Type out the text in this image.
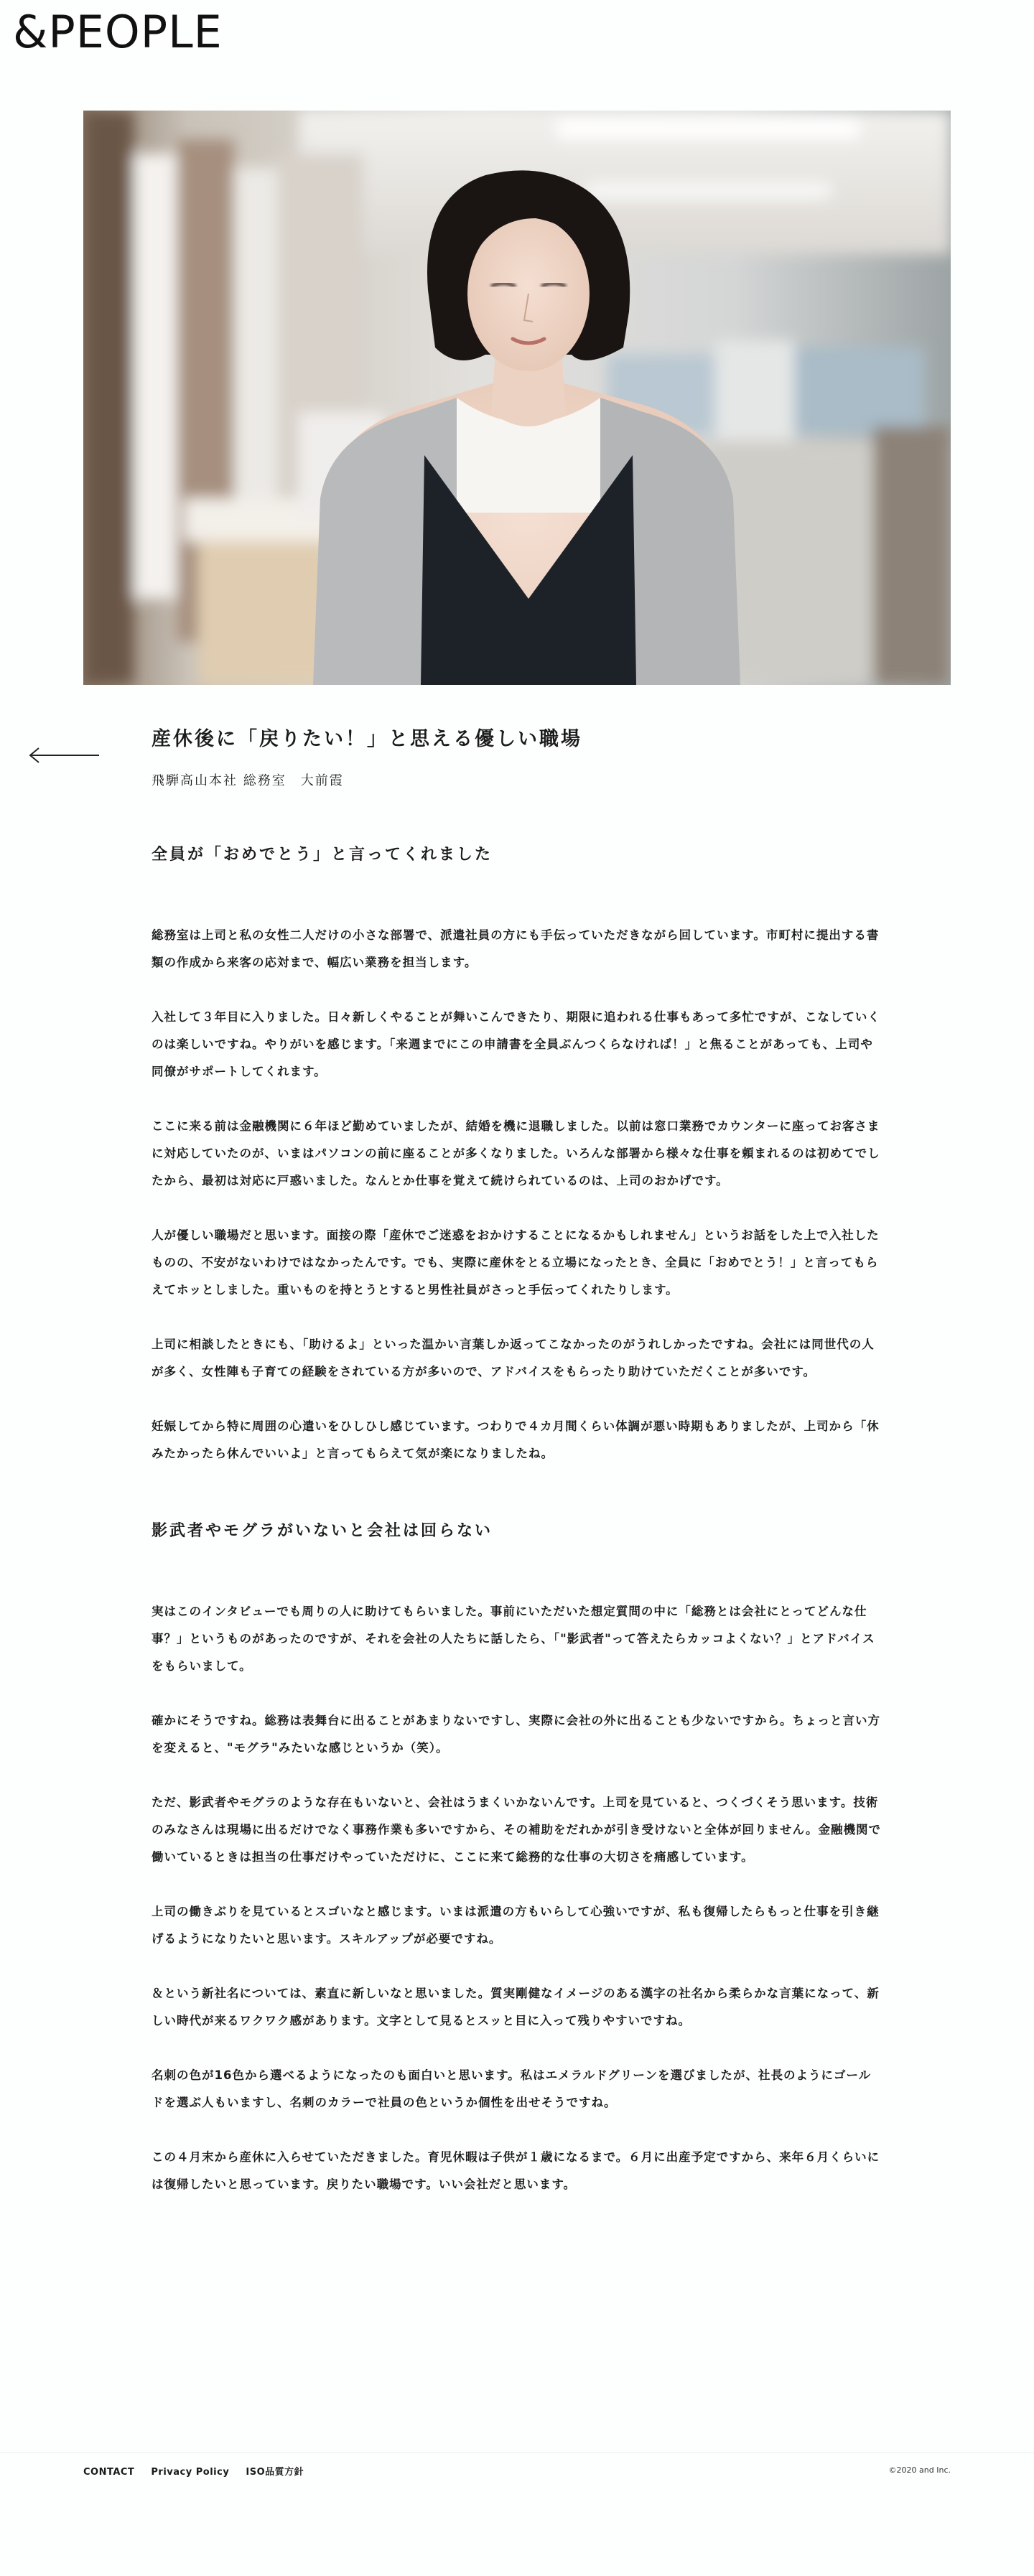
&PEOPLE
産休後に「戻りたい！」と思える優しい職場

飛騨高山本社 総務室　大前霞

全員が「おめでとう」と言ってくれました

総務室は上司と私の女性二人だけの小さな部署で、派遣社員の方にも手伝っていただきながら回しています。市町村に提出する書類の作成から来客の応対まで、幅広い業務を担当します。

入社して３年目に入りました。日々新しくやることが舞いこんできたり、期限に追われる仕事もあって多忙ですが、こなしていくのは楽しいですね。やりがいを感じます。「来週までにこの申請書を全員ぶんつくらなければ！」と焦ることがあっても、上司や同僚がサポートしてくれます。

ここに来る前は金融機関に６年ほど勤めていましたが、結婚を機に退職しました。以前は窓口業務でカウンターに座ってお客さまに対応していたのが、いまはパソコンの前に座ることが多くなりました。いろんな部署から様々な仕事を頼まれるのは初めてでしたから、最初は対応に戸惑いました。なんとか仕事を覚えて続けられているのは、上司のおかげです。

人が優しい職場だと思います。面接の際「産休でご迷惑をおかけすることになるかもしれません」というお話をした上で入社したものの、不安がないわけではなかったんです。でも、実際に産休をとる立場になったとき、全員に「おめでとう！」と言ってもらえてホッとしました。重いものを持とうとすると男性社員がさっと手伝ってくれたりします。

上司に相談したときにも、「助けるよ」といった温かい言葉しか返ってこなかったのがうれしかったですね。会社には同世代の人が多く、女性陣も子育ての経験をされている方が多いので、アドバイスをもらったり助けていただくことが多いです。

妊娠してから特に周囲の心遣いをひしひし感じています。つわりで４カ月間くらい体調が悪い時期もありましたが、上司から「休みたかったら休んでいいよ」と言ってもらえて気が楽になりましたね。

影武者やモグラがいないと会社は回らない

実はこのインタビューでも周りの人に助けてもらいました。事前にいただいた想定質問の中に「総務とは会社にとってどんな仕事？」というものがあったのですが、それを会社の人たちに話したら、「"影武者"って答えたらカッコよくない？」とアドバイスをもらいまして。

確かにそうですね。総務は表舞台に出ることがあまりないですし、実際に会社の外に出ることも少ないですから。ちょっと言い方を変えると、"モグラ"みたいな感じというか（笑）。

ただ、影武者やモグラのような存在もいないと、会社はうまくいかないんです。上司を見ていると、つくづくそう思います。技術のみなさんは現場に出るだけでなく事務作業も多いですから、その補助をだれかが引き受けないと全体が回りません。金融機関で働いているときは担当の仕事だけやっていただけに、ここに来て総務的な仕事の大切さを痛感しています。

上司の働きぶりを見ているとスゴいなと感じます。いまは派遣の方もいらして心強いですが、私も復帰したらもっと仕事を引き継げるようになりたいと思います。スキルアップが必要ですね。

＆という新社名については、素直に新しいなと思いました。質実剛健なイメージのある漢字の社名から柔らかな言葉になって、新しい時代が来るワクワク感があります。文字として見るとスッと目に入って残りやすいですね。

名刺の色が16色から選べるようになったのも面白いと思います。私はエメラルドグリーンを選びましたが、社長のようにゴールドを選ぶ人もいますし、名刺のカラーで社員の色というか個性を出せそうですね。

この４月末から産休に入らせていただきました。育児休暇は子供が１歳になるまで。６月に出産予定ですから、来年６月くらいには復帰したいと思っています。戻りたい職場です。いい会社だと思います。

CONTACT Privacy Policy ISO品質方針	©2020 and Inc.
